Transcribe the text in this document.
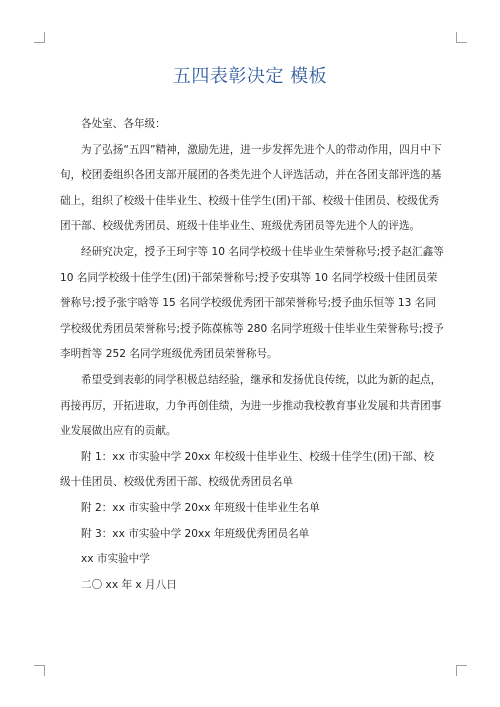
五四表彰决定 模板

各处室、各年级：

为了弘扬“五四”精神，激励先进，进一步发挥先进个人的带动作用，四月中下旬，校团委组织各团支部开展团的各类先进个人评选活动，并在各团支部评选的基础上，组织了校级十佳毕业生、校级十佳学生(团)干部、校级十佳团员、校级优秀团干部、校级优秀团员、班级十佳毕业生、班级优秀团员等先进个人的评选。

经研究决定，授予王珂宇等 10 名同学校级十佳毕业生荣誉称号;授予赵汇鑫等 10 名同学校级十佳学生(团)干部荣誉称号;授予安琪等 10 名同学校级十佳团员荣誉称号;授予张宇晗等 15 名同学校级优秀团干部荣誉称号;授予曲乐恒等 13 名同学校级优秀团员荣誉称号;授予陈葆栋等 280 名同学班级十佳毕业生荣誉称号;授予李明哲等 252 名同学班级优秀团员荣誉称号。

希望受到表彰的同学积极总结经验，继承和发扬优良传统，以此为新的起点，再接再厉，开拓进取，力争再创佳绩，为进一步推动我校教育事业发展和共青团事业发展做出应有的贡献。

附 1：xx 市实验中学 20xx 年校级十佳毕业生、校级十佳学生(团)干部、校级十佳团员、校级优秀团干部、校级优秀团员名单

附 2：xx 市实验中学 20xx 年班级十佳毕业生名单

附 3：xx 市实验中学 20xx 年班级优秀团员名单

xx 市实验中学

二〇 xx 年 x 月八日
